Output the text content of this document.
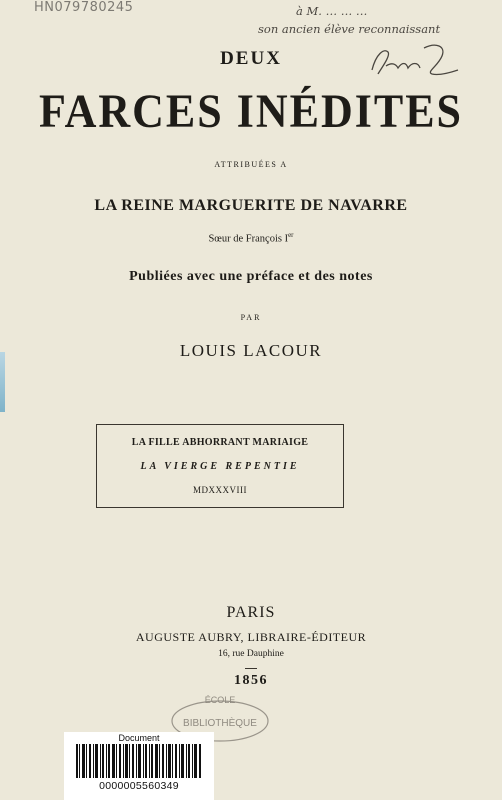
HN079780245	à M. … … …
son ancien élève reconnaissant
DEUX
FARCES INÉDITES
ATTRIBUÉES A
LA REINE MARGUERITE DE NAVARRE
Sœur de François Ier
Publiées avec une préface et des notes
PAR
LOUIS LACOUR
LA FILLE ABHORRANT MARIAIGE
LA VIERGE REPENTIE
MDXXXVIII
PARIS
AUGUSTE AUBRY, LIBRAIRE-ÉDITEUR
16, rue Dauphine
1856
ÉCOLE
BIBLIOTHÈQUE
Document
0000005560349
